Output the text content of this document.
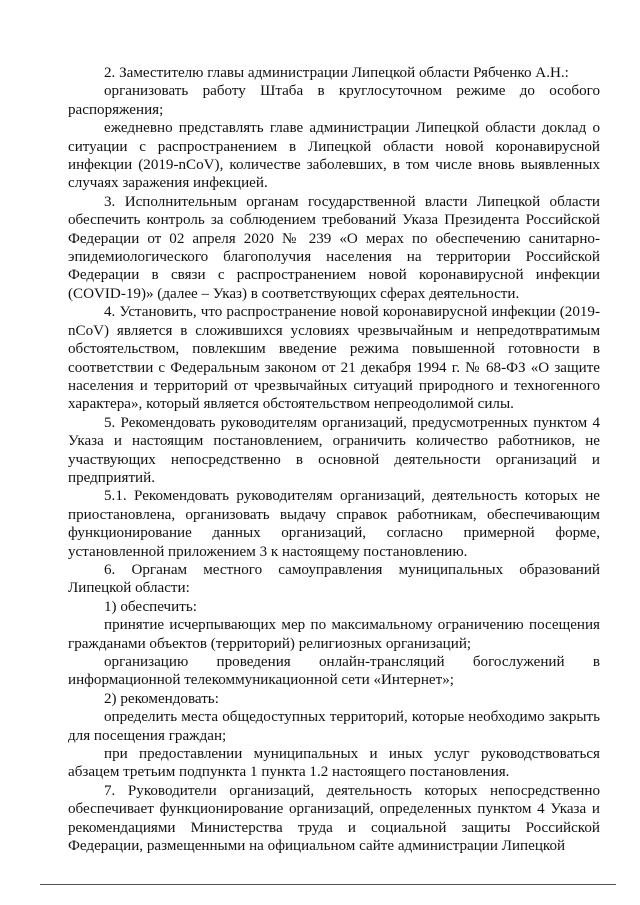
2. Заместителю главы администрации Липецкой области Рябченко А.Н.:

организовать работу Штаба в круглосуточном режиме до особого распоряжения;

ежедневно представлять главе администрации Липецкой области доклад о ситуации с распространением в Липецкой области новой коронавирусной инфекции (2019-nCoV), количестве заболевших, в том числе вновь выявленных случаях заражения инфекцией.

3. Исполнительным органам государственной власти Липецкой области обеспечить контроль за соблюдением требований Указа Президента Российской Федерации от 02 апреля 2020 № 239 «О мерах по обеспечению санитарно-эпидемиологического благополучия населения на территории Российской Федерации в связи с распространением новой коронавирусной инфекции (COVID-19)» (далее – Указ) в соответствующих сферах деятельности.

4. Установить, что распространение новой коронавирусной инфекции (2019-nCoV) является в сложившихся условиях чрезвычайным и непредотвратимым обстоятельством, повлекшим введение режима повышенной готовности в соответствии с Федеральным законом от 21 декабря 1994 г. № 68-ФЗ «О защите населения и территорий от чрезвычайных ситуаций природного и техногенного характера», который является обстоятельством непреодолимой силы.

5. Рекомендовать руководителям организаций, предусмотренных пунктом 4 Указа и настоящим постановлением, ограничить количество работников, не участвующих непосредственно в основной деятельности организаций и предприятий.

5.1. Рекомендовать руководителям организаций, деятельность которых не приостановлена, организовать выдачу справок работникам, обеспечивающим функционирование данных организаций, согласно примерной форме, установленной приложением 3 к настоящему постановлению.

6. Органам местного самоуправления муниципальных образований Липецкой области:

1) обеспечить:

принятие исчерпывающих мер по максимальному ограничению посещения гражданами объектов (территорий) религиозных организаций;

организацию проведения онлайн-трансляций богослужений в информационной телекоммуникационной сети «Интернет»;

2) рекомендовать:

определить места общедоступных территорий, которые необходимо закрыть для посещения граждан;

при предоставлении муниципальных и иных услуг руководствоваться абзацем третьим подпункта 1 пункта 1.2 настоящего постановления.

7. Руководители организаций, деятельность которых непосредственно обеспечивает функционирование организаций, определенных пунктом 4 Указа и рекомендациями Министерства труда и социальной защиты Российской Федерации, размещенными на официальном сайте администрации Липецкой
